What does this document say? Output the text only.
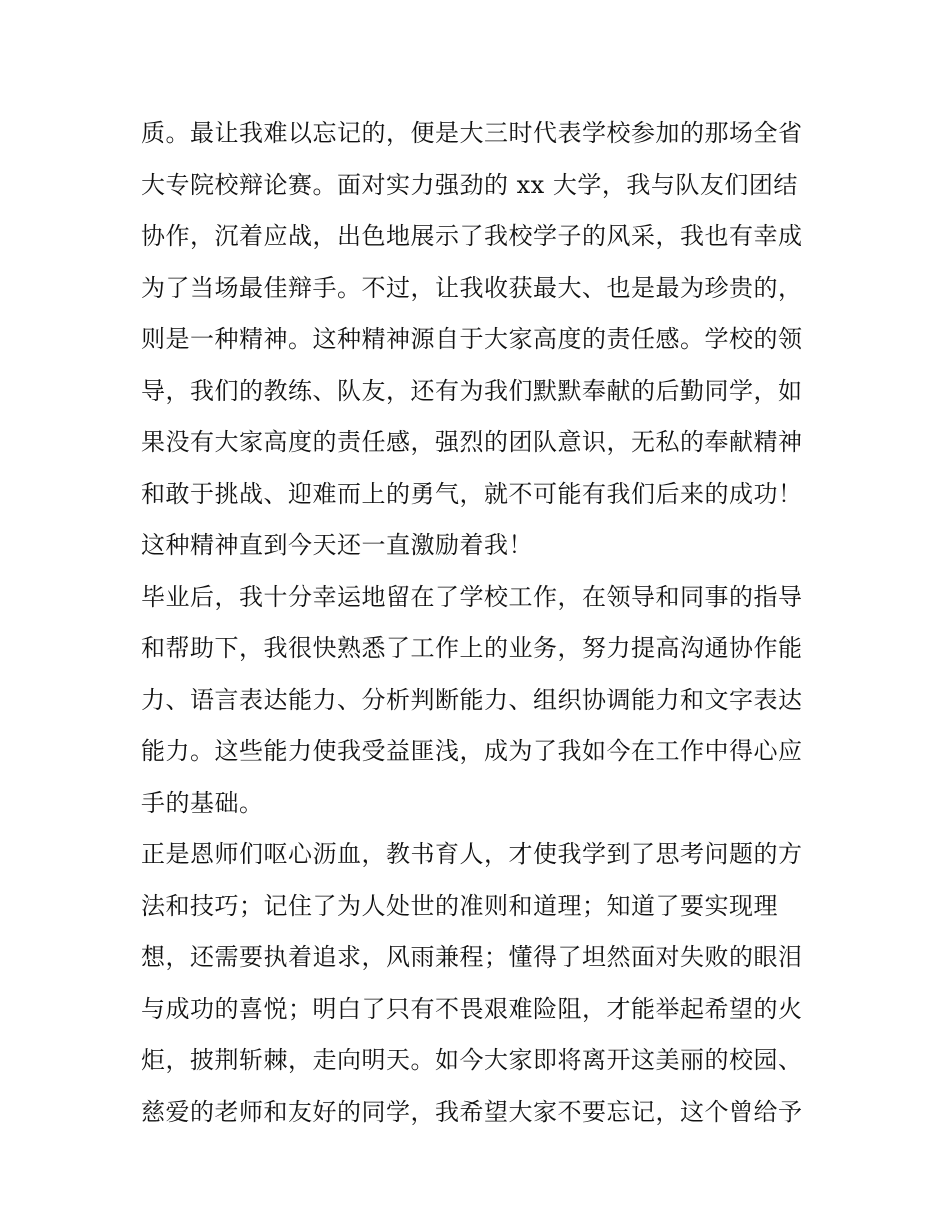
质。最让我难以忘记的，便是大三时代表学校参加的那场全省
大专院校辩论赛。面对实力强劲的 xx 大学，我与队友们团结
协作，沉着应战，出色地展示了我校学子的风采，我也有幸成
为了当场最佳辩手。不过，让我收获最大、也是最为珍贵的，
则是一种精神。这种精神源自于大家高度的责任感。学校的领
导，我们的教练、队友，还有为我们默默奉献的后勤同学，如
果没有大家高度的责任感，强烈的团队意识，无私的奉献精神
和敢于挑战、迎难而上的勇气，就不可能有我们后来的成功！
这种精神直到今天还一直激励着我！
毕业后，我十分幸运地留在了学校工作，在领导和同事的指导
和帮助下，我很快熟悉了工作上的业务，努力提高沟通协作能
力、语言表达能力、分析判断能力、组织协调能力和文字表达
能力。这些能力使我受益匪浅，成为了我如今在工作中得心应
手的基础。
正是恩师们呕心沥血，教书育人，才使我学到了思考问题的方
法和技巧；记住了为人处世的准则和道理；知道了要实现理
想，还需要执着追求，风雨兼程；懂得了坦然面对失败的眼泪
与成功的喜悦；明白了只有不畏艰难险阻，才能举起希望的火
炬，披荆斩棘，走向明天。如今大家即将离开这美丽的校园、
慈爱的老师和友好的同学，我希望大家不要忘记，这个曾给予
